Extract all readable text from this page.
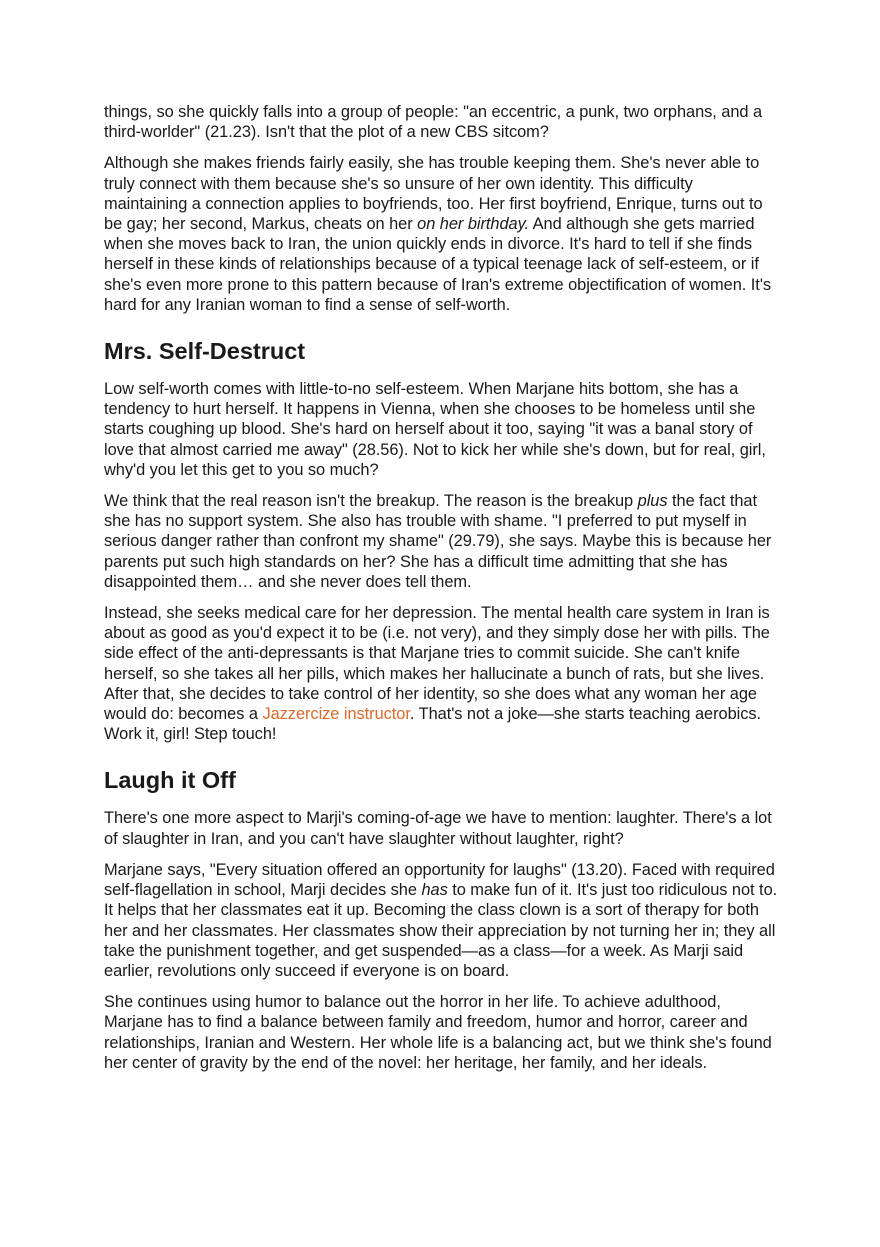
things, so she quickly falls into a group of people: "an eccentric, a punk, two orphans, and a third-worlder" (21.23). Isn't that the plot of a new CBS sitcom?

Although she makes friends fairly easily, she has trouble keeping them. She's never able to truly connect with them because she's so unsure of her own identity. This difﬁculty maintaining a connection applies to boyfriends, too. Her first boyfriend, Enrique, turns out to be gay; her second, Markus, cheats on her on her birthday. And although she gets married when she moves back to Iran, the union quickly ends in divorce. It's hard to tell if she finds herself in these kinds of relationships because of a typical teenage lack of self-esteem, or if she's even more prone to this pattern because of Iran's extreme objectification of women. It's hard for any Iranian woman to find a sense of self-worth.

Mrs. Self-Destruct

Low self-worth comes with little-to-no self-esteem. When Marjane hits bottom, she has a tendency to hurt herself. It happens in Vienna, when she chooses to be homeless until she starts coughing up blood. She's hard on herself about it too, saying "it was a banal story of love that almost carried me away" (28.56). Not to kick her while she's down, but for real, girl, why'd you let this get to you so much?

We think that the real reason isn't the breakup. The reason is the breakup plus the fact that she has no support system. She also has trouble with shame. "I preferred to put myself in serious danger rather than confront my shame" (29.79), she says. Maybe this is because her parents put such high standards on her? She has a difﬁcult time admitting that she has disappointed them… and she never does tell them.

Instead, she seeks medical care for her depression. The mental health care system in Iran is about as good as you'd expect it to be (i.e. not very), and they simply dose her with pills. The side effect of the anti-depressants is that Marjane tries to commit suicide. She can't knife herself, so she takes all her pills, which makes her hallucinate a bunch of rats, but she lives. After that, she decides to take control of her identity, so she does what any woman her age would do: becomes a Jazzercize instructor. That's not a joke—she starts teaching aerobics. Work it, girl! Step touch!

Laugh it Off

There's one more aspect to Marji's coming-of-age we have to mention: laughter. There's a lot of slaughter in Iran, and you can't have slaughter without laughter, right?

Marjane says, "Every situation offered an opportunity for laughs" (13.20). Faced with required self-flagellation in school, Marji decides she has to make fun of it. It's just too ridiculous not to. It helps that her classmates eat it up. Becoming the class clown is a sort of therapy for both her and her classmates. Her classmates show their appreciation by not turning her in; they all take the punishment together, and get suspended—as a class—for a week. As Marji said earlier, revolutions only succeed if everyone is on board.

She continues using humor to balance out the horror in her life. To achieve adulthood, Marjane has to find a balance between family and freedom, humor and horror, career and relationships, Iranian and Western. Her whole life is a balancing act, but we think she's found her center of gravity by the end of the novel: her heritage, her family, and her ideals.
